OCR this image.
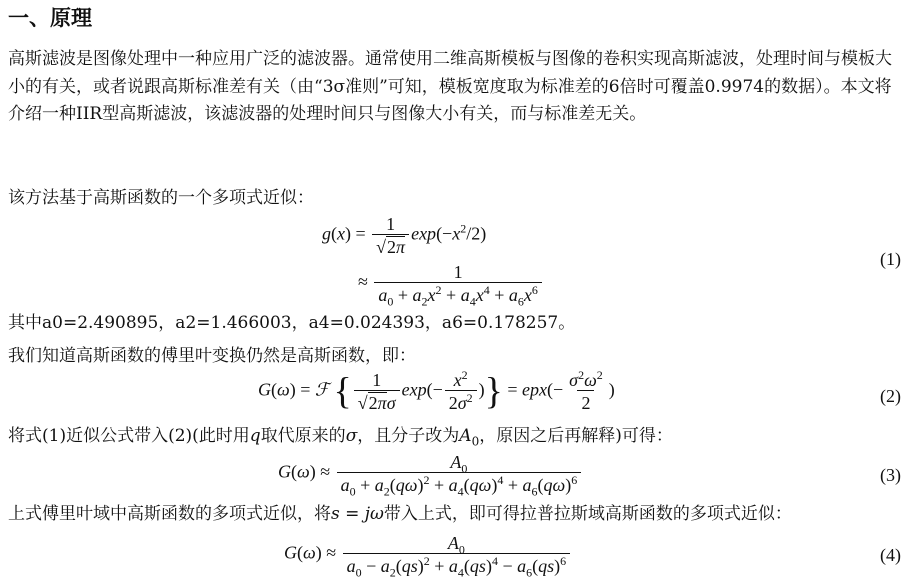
一、原理
高斯滤波是图像处理中一种应用广泛的滤波器。通常使用二维高斯模板与图像的卷积实现高斯滤波，处理时间与模板大小的有关，或者说跟高斯标准差有关（由“3σ准则”可知，模板宽度取为标准差的6倍时可覆盖0.9974的数据）。本文将介绍一种IIR型高斯滤波，该滤波器的处理时间只与图像大小有关，而与标准差无关。
该方法基于高斯函数的一个多项式近似：
$g(x) = \frac{1}{√2\pi} \exp(-x^2/2)$
≈ $\frac{1}{a_0 + a_2x^2 + a_4x^4 + a_6x^6}$
(1)
其中a0=2.490895，a2=1.466003，a4=0.024393，a6=0.178257。
我们知道高斯函数的傅里叶变换仍然是高斯函数，即：
G(ω) = ℱ { $\frac{1}{√2\pi\sigma} \exp(- \frac{x^2}{2\sigma^2}$ )} = $epx(- \frac{\sigma^2\omega^2}{2}$ )	(2)
将式(1)近似公式带入(2)(此时用q取代原来的σ，且分子改为$A_0$，原因之后再解释)可得：
$G(\omega) \approx \frac{A_0}{a_0 + a_2(q\omega)^2 + a_4(q\omega)^4 + a_6(q\omega)^6}$	(3)
上式傅里叶域中高斯函数的多项式近似，将s = jω带入上式，即可得拉普拉斯域高斯函数的多项式近似：
$G(\omega) \approx \frac{A_0}{a_0 - a_2(qs)^2 + a_4(qs)^4 - a_6(qs)^6}$	(4)
